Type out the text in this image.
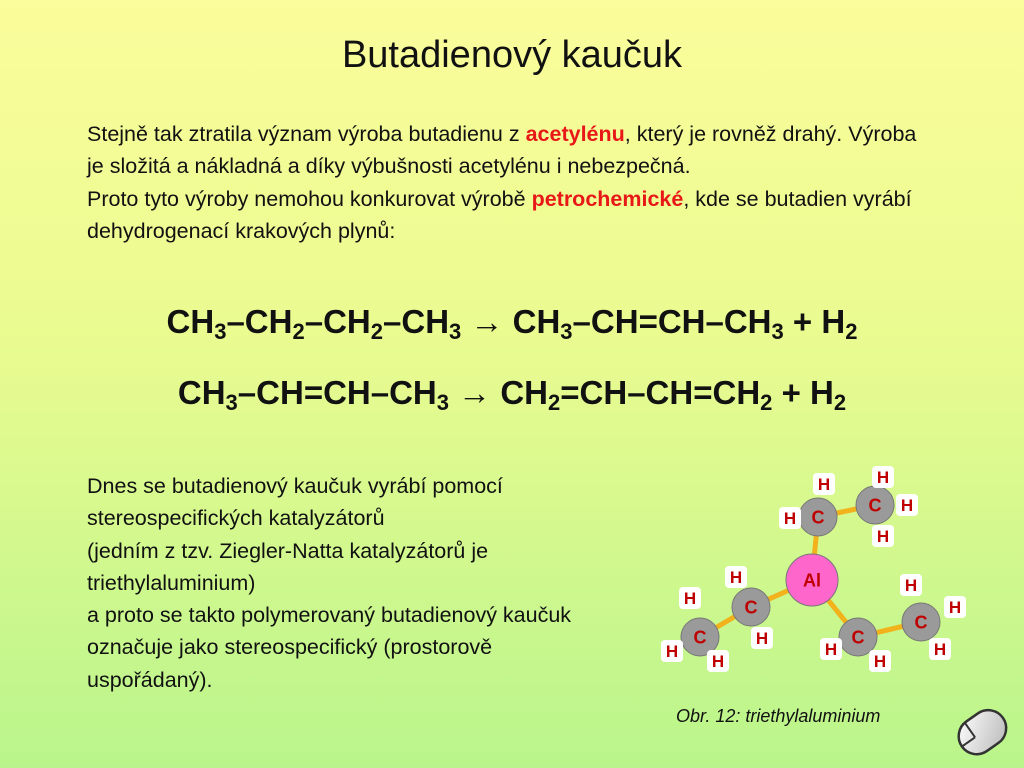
Butadienový kaučuk
Stejně tak ztratila význam výroba butadienu z acetylénu, který je rovněž drahý. Výroba je složitá a nákladná a díky výbušnosti acetylénu i nebezpečná.
Proto tyto výroby nemohou konkurovat výrobě petrochemické, kde se butadien vyrábí dehydrogenací krakových plynů:
$CH_3-CH_2-CH_2-CH_3 \to CH_3-CH=CH-CH_3 + H_2$
$CH_3-CH=CH-CH_3 \to CH_2=CH-CH=CH_2 + H_2$
Dnes se butadienový kaučuk vyrábí pomocí stereospecifických katalyzátorů
(jedním z tzv. Ziegler-Natta katalyzátorů je triethylaluminium)
a proto se takto polymerovaný butadienový kaučuk označuje jako stereospecifický (prostorově uspořádaný).
Al
C
C
C
C	C
C
H
H
H
H
H
H
H
H
H
H
H
H
H
H
H
Obr. 12: triethylaluminium
